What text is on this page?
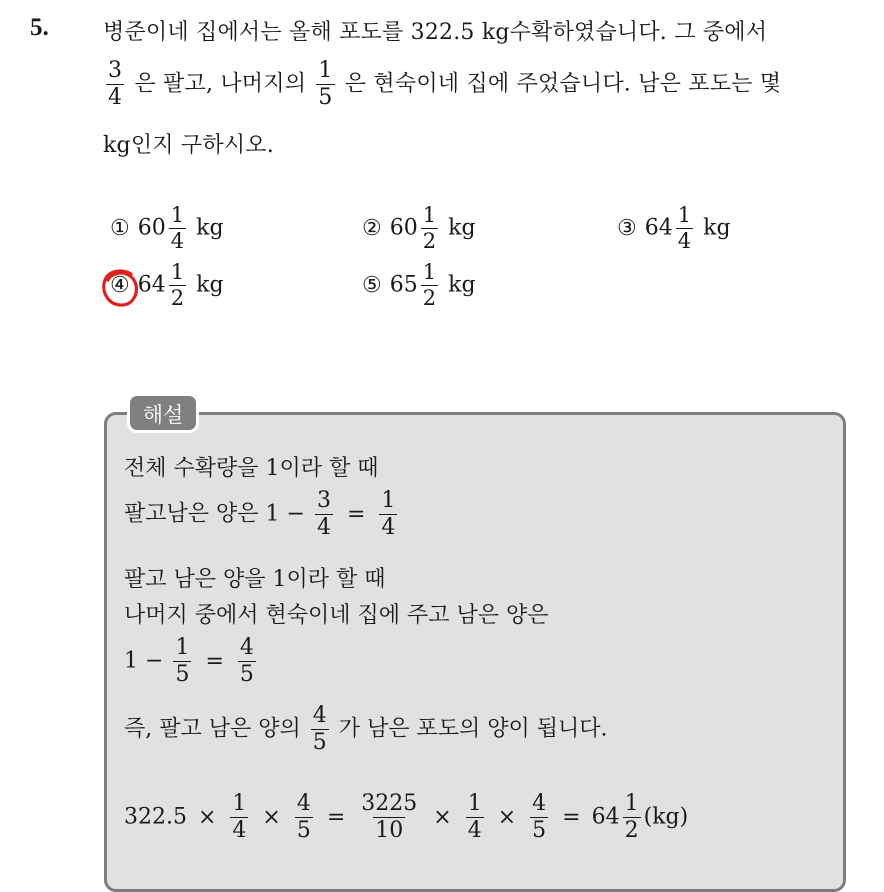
5. 병준이네 집에서는 올해 포도를 322.5 kg수확하였습니다. 그 중에서
$\frac{3}{4}$ 은 팔고, 나머지의 $\frac{1}{5}$ 은 현숙이네 집에 주었습니다. 남은 포도는 몇
kg인지 구하시오.
① $60 \frac{1}{4}$ kg	② $60 \frac{1}{2}$ kg	③ $64 \frac{1}{4}$ kg
④ $64 \frac{1}{2}$ kg	⑤ $65 \frac{1}{2}$ kg
해설
전체 수확량을 1이라 할 때
팔고남은 양은 $1 - \frac{3}{4} = \frac{1}{4}$
팔고 남은 양을 1이라 할 때
나머지 중에서 현숙이네 집에 주고 남은 양은
$1 - \frac{1}{5} = \frac{4}{5}$
즉, 팔고 남은 양의 $\frac{4}{5}$ 가 남은 포도의 양이 됩니다.
$322.5 \times \frac{1}{4} \times \frac{4}{5} = \frac{3225}{10} \times \frac{1}{4} \times \frac{4}{5} = 64 \frac{1}{2} (kg)$
